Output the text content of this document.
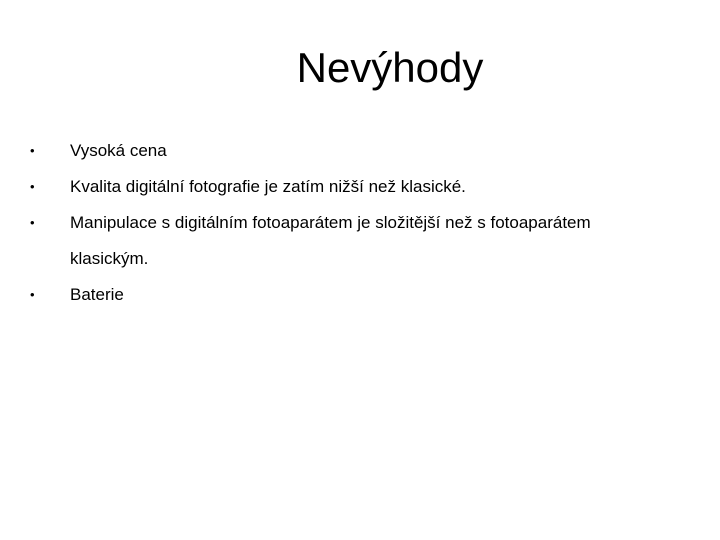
Nevýhody
•	Vysoká cena
•	Kvalita digitální fotografie je zatím nižší než klasické.
•	Manipulace s digitálním fotoaparátem je složitější než s fotoaparátem
klasickým.
•	Baterie
